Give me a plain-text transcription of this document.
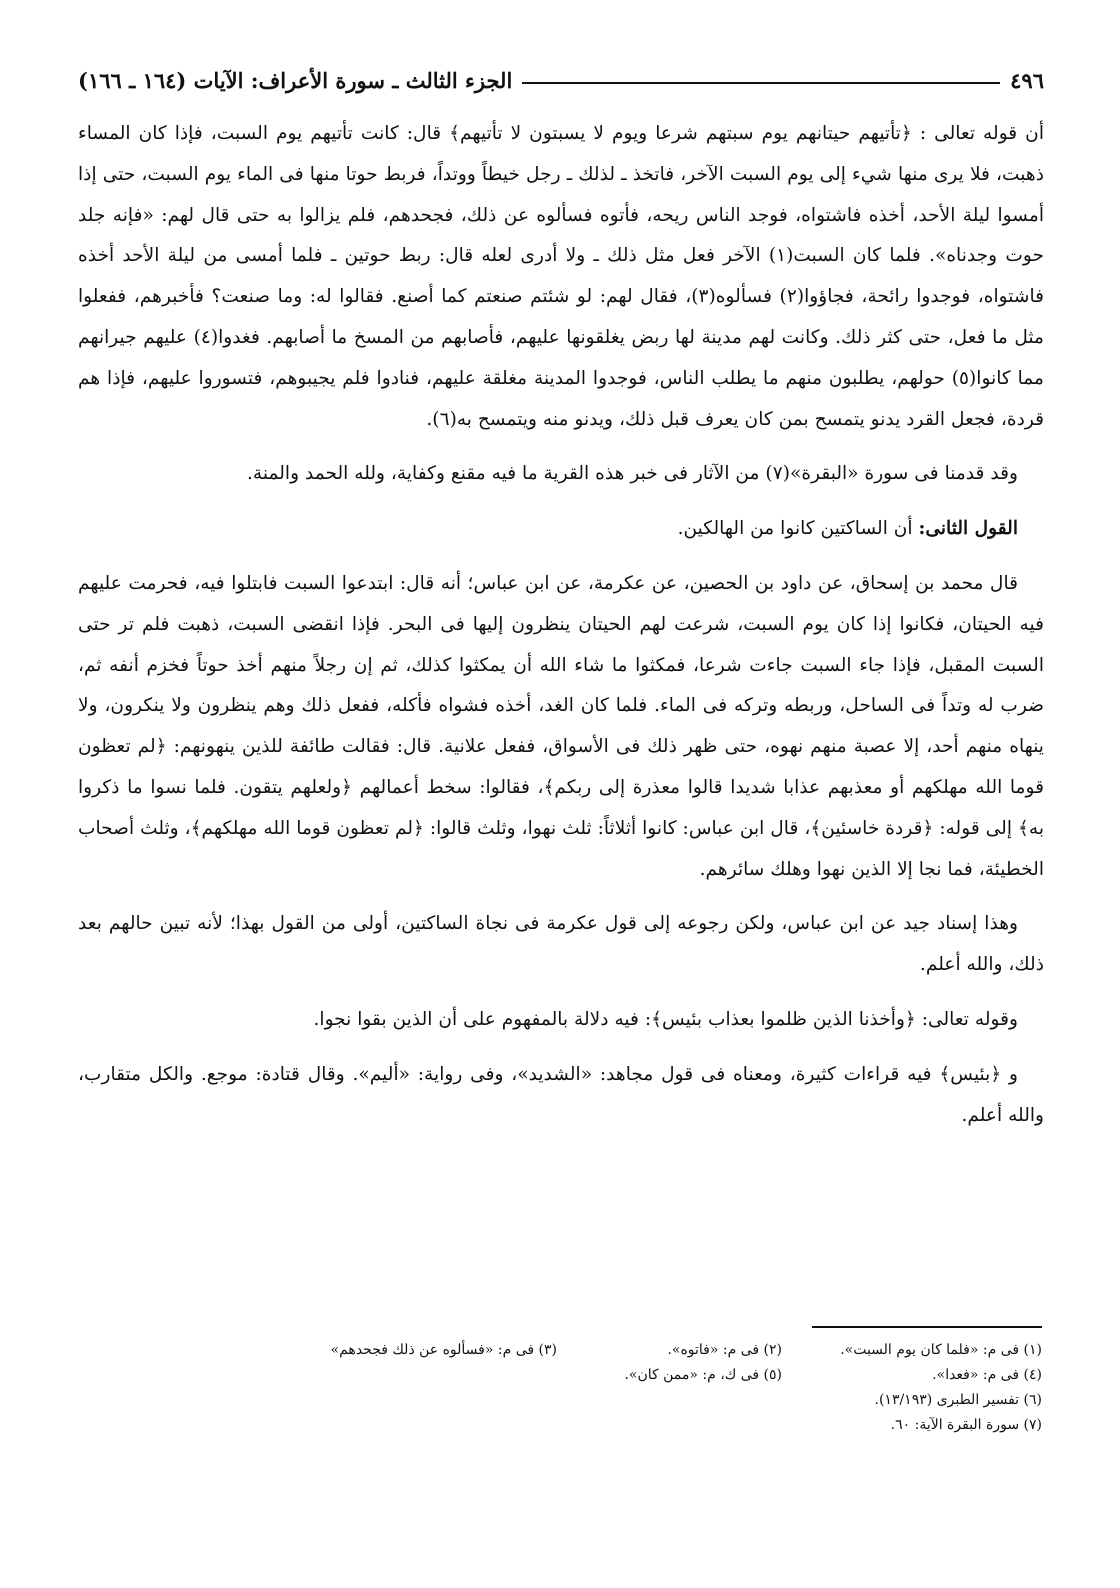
٤٩٦
الجزء الثالث ـ سورة الأعراف: الآيات (١٦٤ ـ ١٦٦)

أن قوله تعالى : ﴿تأتيهم حيتانهم يوم سبتهم شرعا ويوم لا يسبتون لا تأتيهم﴾ قال: كانت تأتيهم يوم السبت، فإذا كان المساء ذهبت، فلا يرى منها شيء إلى يوم السبت الآخر، فاتخذ ـ لذلك ـ رجل خيطاً ووتداً، فربط حوتا منها فى الماء يوم السبت، حتى إذا أمسوا ليلة الأحد، أخذه فاشتواه، فوجد الناس ريحه، فأتوه فسألوه عن ذلك، فجحدهم، فلم يزالوا به حتى قال لهم: «فإنه جلد حوت وجدناه». فلما كان السبت(١) الآخر فعل مثل ذلك ـ ولا أدرى لعله قال: ربط حوتين ـ فلما أمسى من ليلة الأحد أخذه فاشتواه، فوجدوا رائحة، فجاؤوا(٢) فسألوه(٣)، فقال لهم: لو شئتم صنعتم كما أصنع. فقالوا له: وما صنعت؟ فأخبرهم، ففعلوا مثل ما فعل، حتى كثر ذلك. وكانت لهم مدينة لها ربض يغلقونها عليهم، فأصابهم من المسخ ما أصابهم. فغدوا(٤) عليهم جيرانهم مما كانوا(٥) حولهم، يطلبون منهم ما يطلب الناس، فوجدوا المدينة مغلقة عليهم، فنادوا فلم يجيبوهم، فتسوروا عليهم، فإذا هم قردة، فجعل القرد يدنو يتمسح بمن كان يعرف قبل ذلك، ويدنو منه ويتمسح به(٦).

وقد قدمنا فى سورة «البقرة»(٧) من الآثار فى خبر هذه القرية ما فيه مقنع وكفاية، ولله الحمد والمنة.

القول الثانى: أن الساكتين كانوا من الهالكين.

قال محمد بن إسحاق، عن داود بن الحصين، عن عكرمة، عن ابن عباس؛ أنه قال: ابتدعوا السبت فابتلوا فيه، فحرمت عليهم فيه الحيتان، فكانوا إذا كان يوم السبت، شرعت لهم الحيتان ينظرون إليها فى البحر. فإذا انقضى السبت، ذهبت فلم تر حتى السبت المقبل، فإذا جاء السبت جاءت شرعا، فمكثوا ما شاء الله أن يمكثوا كذلك، ثم إن رجلاً منهم أخذ حوتاً فخزم أنفه ثم، ضرب له وتداً فى الساحل، وربطه وتركه فى الماء. فلما كان الغد، أخذه فشواه فأكله، ففعل ذلك وهم ينظرون ولا ينكرون، ولا ينهاه منهم أحد، إلا عصبة منهم نهوه، حتى ظهر ذلك فى الأسواق، ففعل علانية. قال: فقالت طائفة للذين ينهونهم: ﴿لم تعظون قوما الله مهلكهم أو معذبهم عذابا شديدا قالوا معذرة إلى ربكم﴾، فقالوا: سخط أعمالهم ﴿ولعلهم يتقون. فلما نسوا ما ذكروا به﴾ إلى قوله: ﴿قردة خاسئين﴾، قال ابن عباس: كانوا أثلاثاً: ثلث نهوا، وثلث قالوا: ﴿لم تعظون قوما الله مهلكهم﴾، وثلث أصحاب الخطيئة، فما نجا إلا الذين نهوا وهلك سائرهم.

وهذا إسناد جيد عن ابن عباس، ولكن رجوعه إلى قول عكرمة فى نجاة الساكتين، أولى من القول بهذا؛ لأنه تبين حالهم بعد ذلك، والله أعلم.

وقوله تعالى: ﴿وأخذنا الذين ظلموا بعذاب بئيس﴾: فيه دلالة بالمفهوم على أن الذين بقوا نجوا.

و ﴿بئيس﴾ فيه قراءات كثيرة، ومعناه فى قول مجاهد: «الشديد»، وفى رواية: «أليم». وقال قتادة: موجع. والكل متقارب، والله أعلم.

(١) فى م: «فلما كان يوم السبت».
(٢) فى م: «فاتوه».
(٣) فى م: «فسألوه عن ذلك فجحدهم»
(٤) فى م: «فعدا».
(٥) فى ك، م: «ممن كان».
(٦) تفسير الطبرى (١٣/١٩٣).
(٧) سورة البقرة الآية: ٦٠.
